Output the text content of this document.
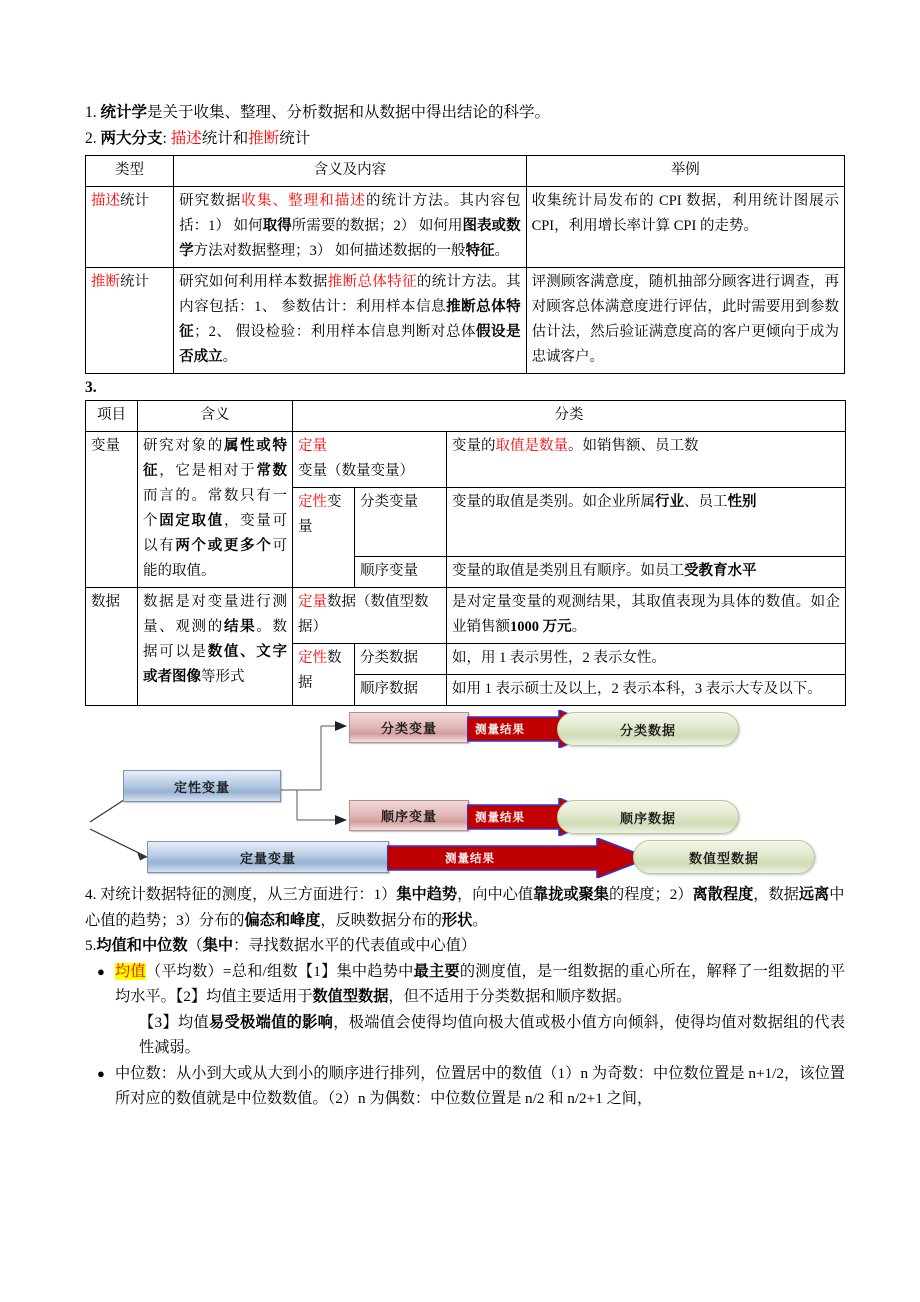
1. 统计学是关于收集、整理、分析数据和从数据中得出结论的科学。
2. 两大分支: 描述统计和推断统计
类型	含义及内容	举例
描述统计	研究数据收集、整理和描述的统计方法。其内容包括：1） 如何取得所需要的数据；2） 如何用图表或数学方法对数据整理；3） 如何描述数据的一般特征。	收集统计局发布的 CPI 数据，利用统计图展示 CPI，利用增长率计算 CPI 的走势。
推断统计	研究如何利用样本数据推断总体特征的统计方法。其内容包括：1、 参数估计：利用样本信息推断总体特征；2、 假设检验：利用样本信息判断对总体假设是否成立。	评测顾客满意度，随机抽部分顾客进行调查，再对顾客总体满意度进行评估，此时需要用到参数估计法，然后验证满意度高的客户更倾向于成为忠诚客户。
3.
项目	含义	分类		
变量	研究对象的属性或特征，它是相对于常数而言的。常数只有一个固定取值，变量可以有两个或更多个可能的取值。	定量变量（数量变量）		变量的取值是数量。如销售额、员工数
		定性变量	分类变量	变量的取值是类别。如企业所属行业、员工性别
			顺序变量	变量的取值是类别且有顺序。如员工受教育水平
数据	数据是对变量进行测量、观测的结果。数据可以是数值、文字或者图像等形式	定量数据（数值型数据）		是对定量变量的观测结果，其取值表现为具体的数值。如企业销售额1000 万元。
		定性数据	分类数据	如，用 1 表示男性，2 表示女性。
			顺序数据	如用 1 表示硕士及以上，2 表示本科，3 表示大专及以下。
定性变量
定量变量
分类变量
顺序变量
测量结果
测量结果
测量结果
分类数据
顺序数据
数值型数据

4. 对统计数据特征的测度，从三方面进行：1）集中趋势，向中心值靠拢或聚集的程度；2）离散程度，数据远离中心值的趋势；3）分布的偏态和峰度，反映数据分布的形状。

5.均值和中位数（集中：寻找数据水平的代表值或中心值）

● 均值（平均数）=总和/组数【1】集中趋势中最主要的测度值，是一组数据的重心所在，解释了一组数据的平均水平。【2】均值主要适用于数值型数据，但不适用于分类数据和顺序数据。
【3】均值易受极端值的影响，极端值会使得均值向极大值或极小值方向倾斜，使得均值对数据组的代表性减弱。
● 中位数：从小到大或从大到小的顺序进行排列，位置居中的数值（1）n 为奇数：中位数位置是 n+1/2，该位置所对应的数值就是中位数数值。（2）n 为偶数：中位数位置是 n/2 和 n/2+1 之间，
